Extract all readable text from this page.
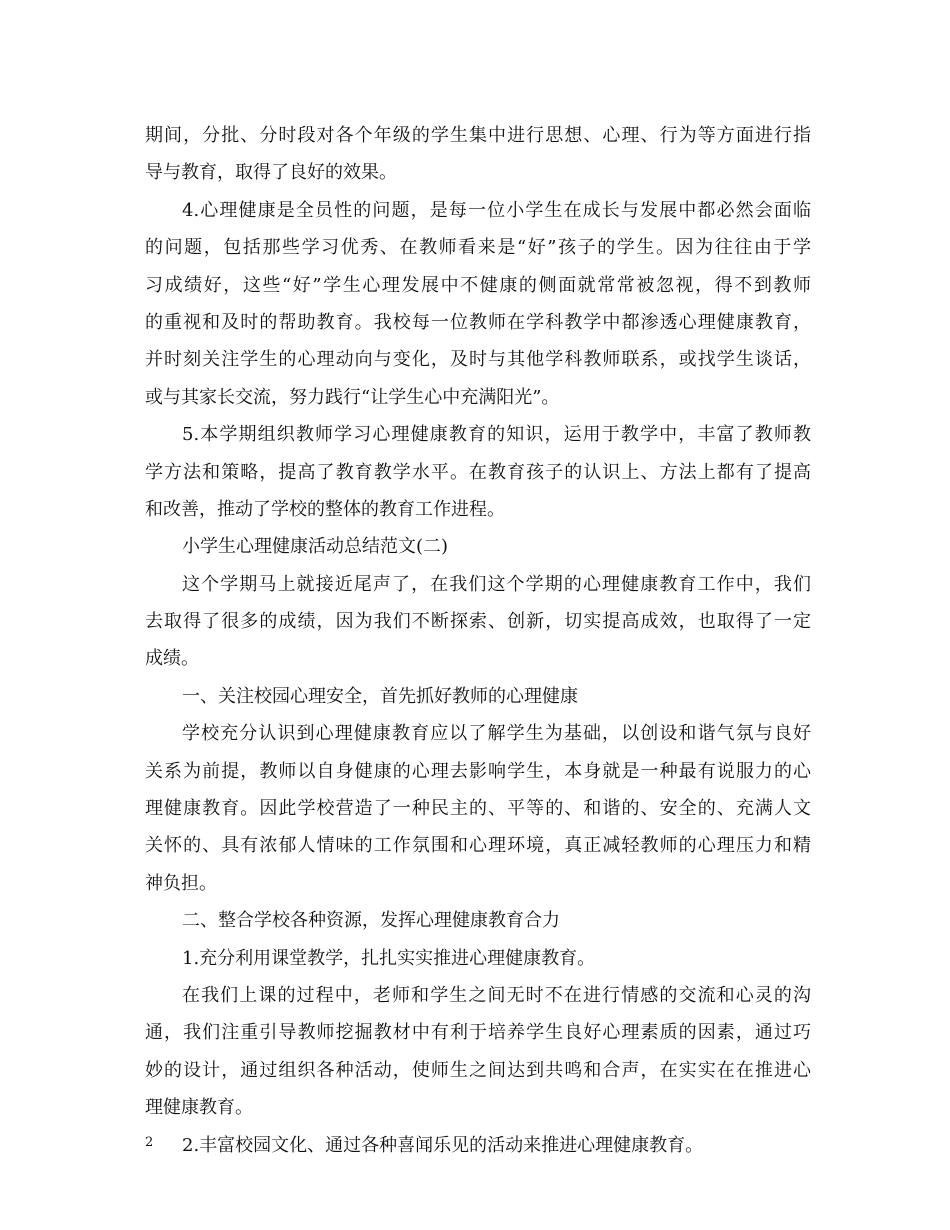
期间，分批、分时段对各个年级的学生集中进行思想、心理、行为等方面进行指
导与教育，取得了良好的效果。
4.心理健康是全员性的问题，是每一位小学生在成长与发展中都必然会面临
的问题，包括那些学习优秀、在教师看来是“好”孩子的学生。因为往往由于学
习成绩好，这些“好”学生心理发展中不健康的侧面就常常被忽视，得不到教师
的重视和及时的帮助教育。我校每一位教师在学科教学中都渗透心理健康教育，
并时刻关注学生的心理动向与变化，及时与其他学科教师联系，或找学生谈话，
或与其家长交流，努力践行“让学生心中充满阳光”。
5.本学期组织教师学习心理健康教育的知识，运用于教学中，丰富了教师教
学方法和策略，提高了教育教学水平。在教育孩子的认识上、方法上都有了提高
和改善，推动了学校的整体的教育工作进程。
小学生心理健康活动总结范文(二)
这个学期马上就接近尾声了，在我们这个学期的心理健康教育工作中，我们
去取得了很多的成绩，因为我们不断探索、创新，切实提高成效，也取得了一定
成绩。
一、关注校园心理安全，首先抓好教师的心理健康
学校充分认识到心理健康教育应以了解学生为基础，以创设和谐气氛与良好
关系为前提，教师以自身健康的心理去影响学生，本身就是一种最有说服力的心
理健康教育。因此学校营造了一种民主的、平等的、和谐的、安全的、充满人文
关怀的、具有浓郁人情味的工作氛围和心理环境，真正减轻教师的心理压力和精
神负担。
二、整合学校各种资源，发挥心理健康教育合力
1.充分利用课堂教学，扎扎实实推进心理健康教育。
在我们上课的过程中，老师和学生之间无时不在进行情感的交流和心灵的沟
通，我们注重引导教师挖掘教材中有利于培养学生良好心理素质的因素，通过巧
妙的设计，通过组织各种活动，使师生之间达到共鸣和合声，在实实在在推进心
理健康教育。
2.丰富校园文化、通过各种喜闻乐见的活动来推进心理健康教育。
2
